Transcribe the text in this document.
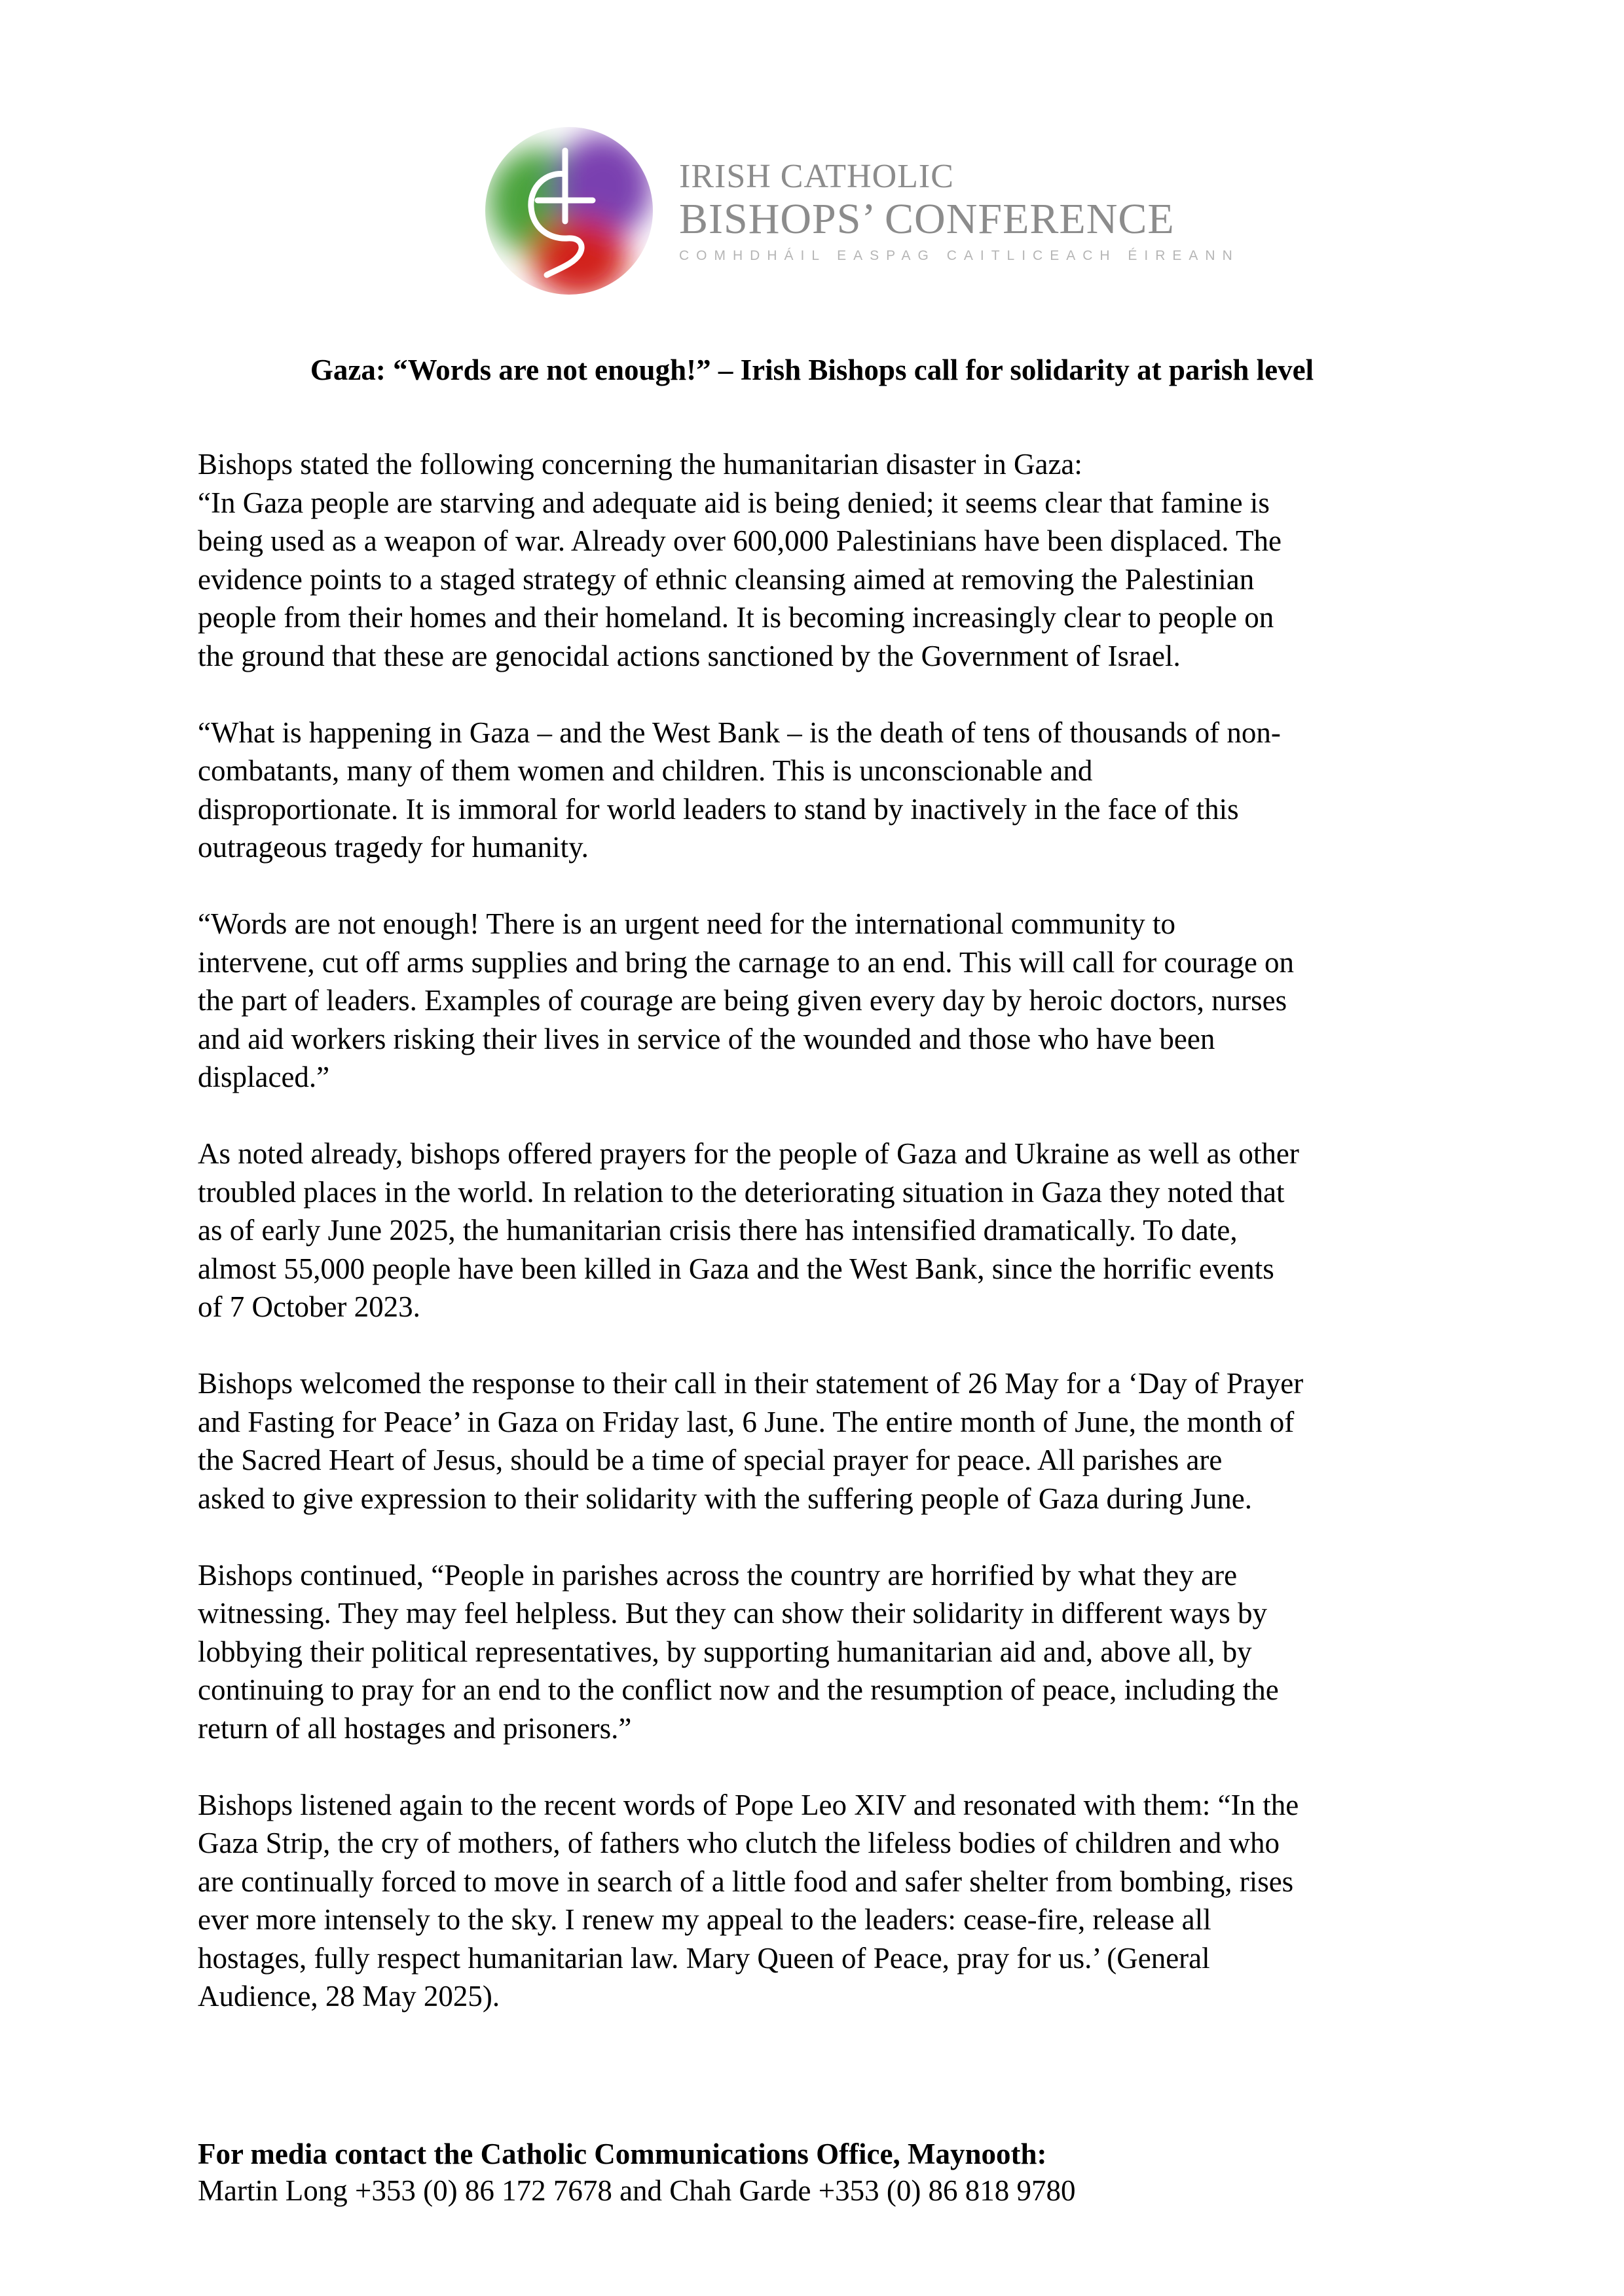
IRISH CATHOLIC
BISHOPS’ CONFERENCE
COMHDHÁIL EASPAG CAITLICEACH ÉIREANN
Gaza: “Words are not enough!” – Irish Bishops call for solidarity at parish level

Bishops stated the following concerning the humanitarian disaster in Gaza:
“In Gaza people are starving and adequate aid is being denied; it seems clear that famine is
being used as a weapon of war. Already over 600,000 Palestinians have been displaced. The
evidence points to a staged strategy of ethnic cleansing aimed at removing the Palestinian
people from their homes and their homeland. It is becoming increasingly clear to people on
the ground that these are genocidal actions sanctioned by the Government of Israel.

“What is happening in Gaza – and the West Bank – is the death of tens of thousands of non-
combatants, many of them women and children. This is unconscionable and
disproportionate. It is immoral for world leaders to stand by inactively in the face of this
outrageous tragedy for humanity.

“Words are not enough! There is an urgent need for the international community to
intervene, cut off arms supplies and bring the carnage to an end. This will call for courage on
the part of leaders. Examples of courage are being given every day by heroic doctors, nurses
and aid workers risking their lives in service of the wounded and those who have been
displaced.”

As noted already, bishops offered prayers for the people of Gaza and Ukraine as well as other
troubled places in the world. In relation to the deteriorating situation in Gaza they noted that
as of early June 2025, the humanitarian crisis there has intensified dramatically. To date,
almost 55,000 people have been killed in Gaza and the West Bank, since the horrific events
of 7 October 2023.

Bishops welcomed the response to their call in their statement of 26 May for a ‘Day of Prayer
and Fasting for Peace’ in Gaza on Friday last, 6 June. The entire month of June, the month of
the Sacred Heart of Jesus, should be a time of special prayer for peace. All parishes are
asked to give expression to their solidarity with the suffering people of Gaza during June.

Bishops continued, “People in parishes across the country are horrified by what they are
witnessing. They may feel helpless. But they can show their solidarity in different ways by
lobbying their political representatives, by supporting humanitarian aid and, above all, by
continuing to pray for an end to the conflict now and the resumption of peace, including the
return of all hostages and prisoners.”

Bishops listened again to the recent words of Pope Leo XIV and resonated with them: “In the
Gaza Strip, the cry of mothers, of fathers who clutch the lifeless bodies of children and who
are continually forced to move in search of a little food and safer shelter from bombing, rises
ever more intensely to the sky. I renew my appeal to the leaders: cease-fire, release all
hostages, fully respect humanitarian law. Mary Queen of Peace, pray for us.’ (General
Audience, 28 May 2025).

For media contact the Catholic Communications Office, Maynooth:
Martin Long +353 (0) 86 172 7678 and Chah Garde +353 (0) 86 818 9780
